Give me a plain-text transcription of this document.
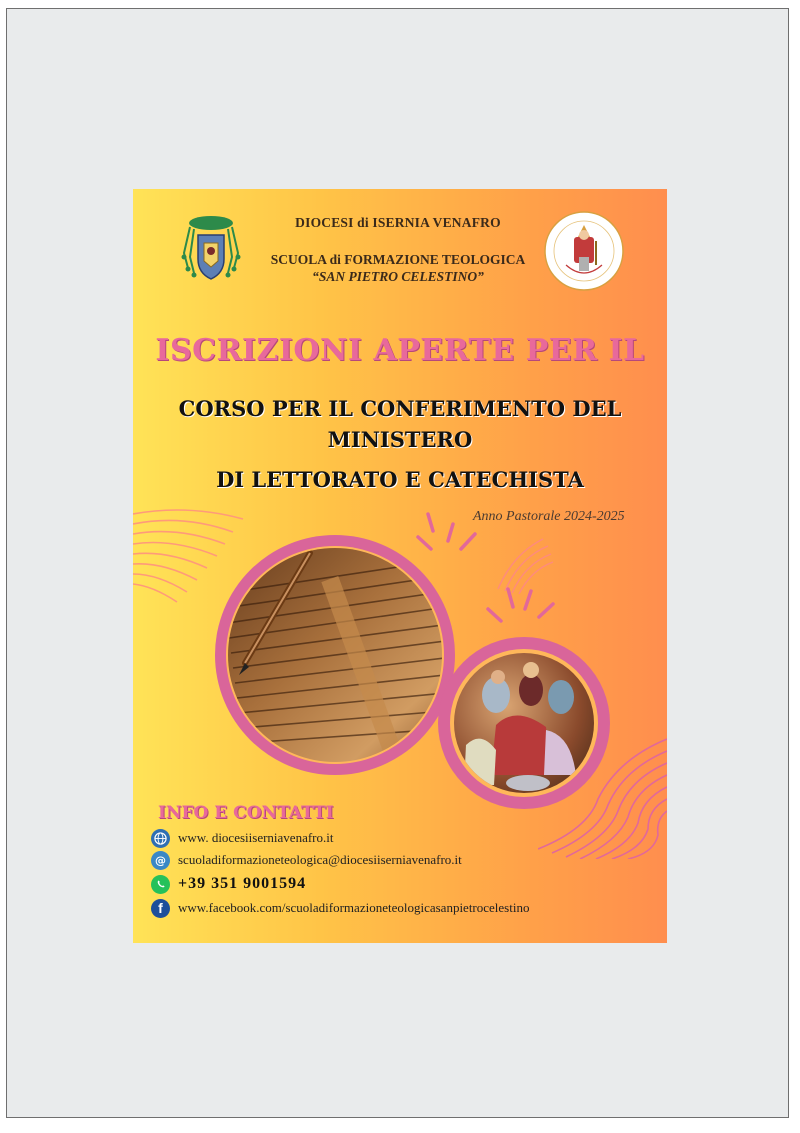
DIOCESI di ISERNIA VENAFRO
SCUOLA di FORMAZIONE TEOLOGICA
“SAN PIETRO CELESTINO”
ISCRIZIONI APERTE PER IL
CORSO PER IL CONFERIMENTO DEL
MINISTERO
DI LETTORATO E CATECHISTA
Anno Pastorale 2024-2025
INFO E CONTATTI
www. diocesiiserniavenafro.it
@ scuoladiformazioneteologica@diocesiiserniavenafro.it
+39 351 9001594
f	www.facebook.com/scuoladiformazioneteologicasanpietrocelestino
